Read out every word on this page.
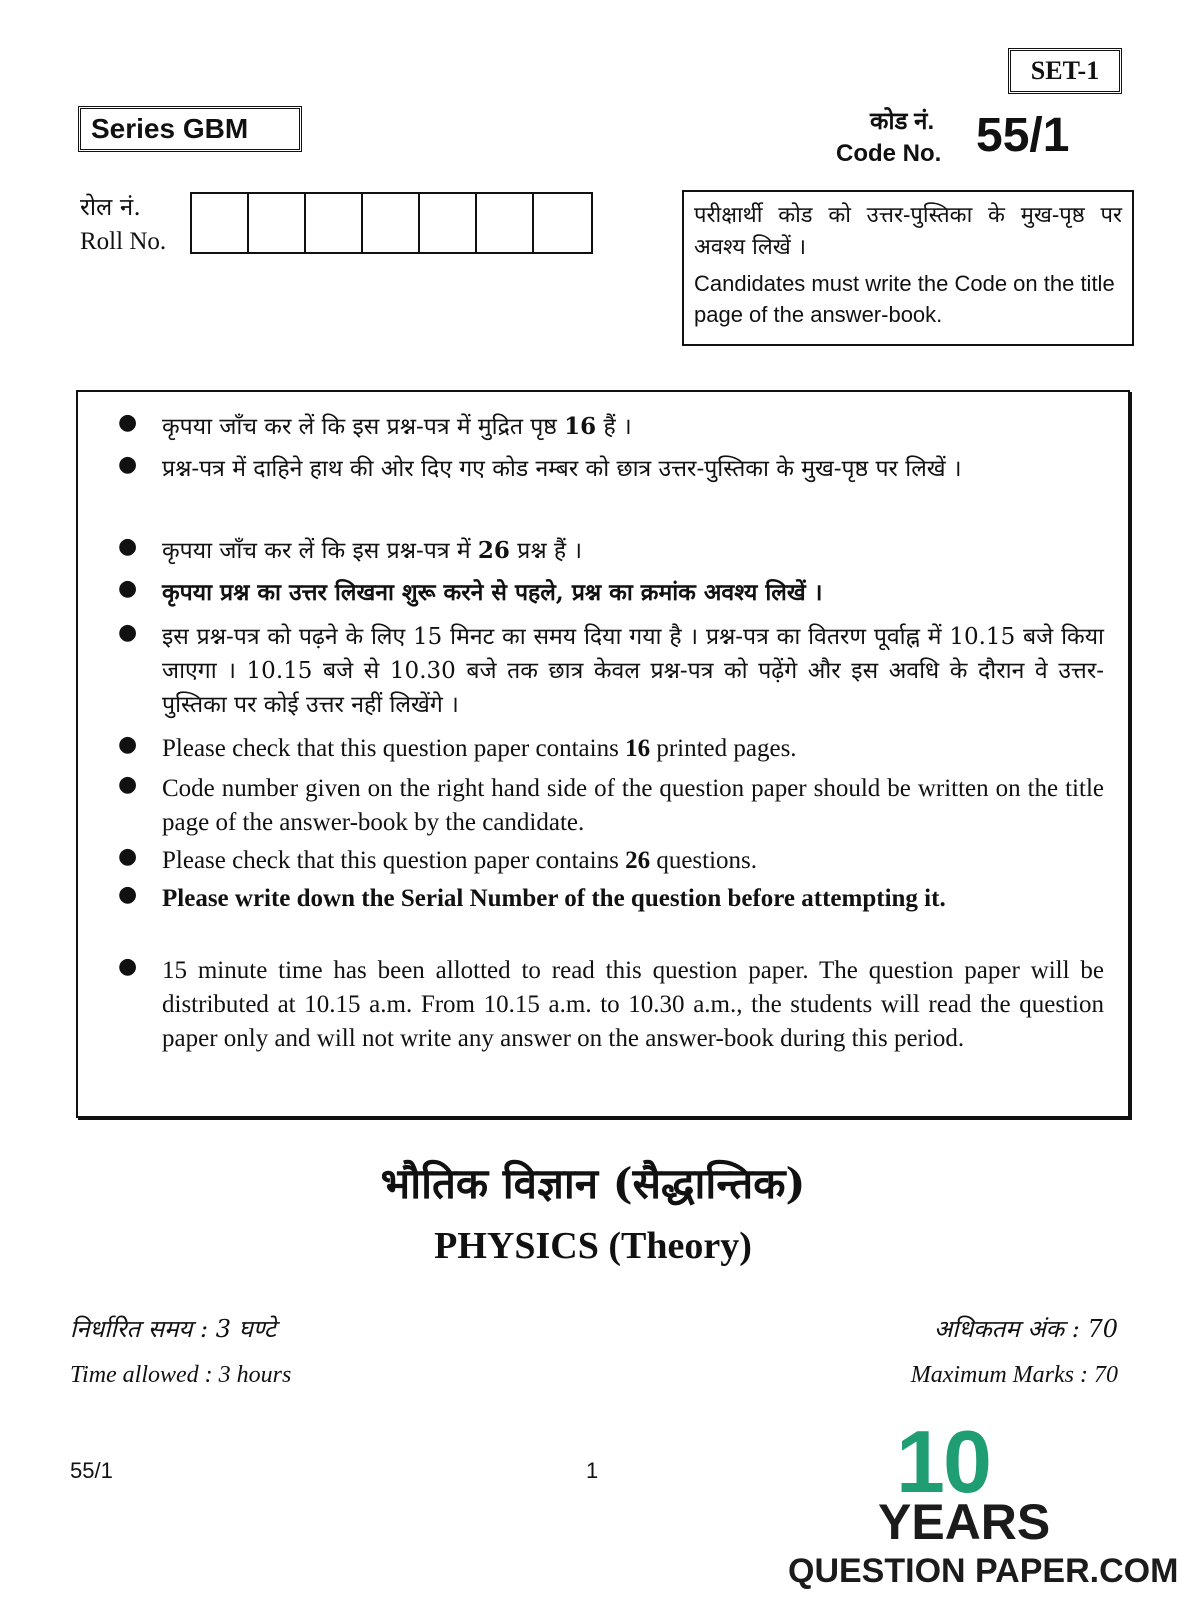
SET-1
Series GBM	कोड नं.
Code No. 55/1
रोल नं.
Roll No.
परीक्षार्थी कोड को उत्तर-पुस्तिका के मुख-पृष्ठ पर अवश्य लिखें ।
Candidates must write the Code on the title page of the answer-book.
● कृपया जाँच कर लें कि इस प्रश्न-पत्र में मुद्रित पृष्ठ 16 हैं ।
● प्रश्न-पत्र में दाहिने हाथ की ओर दिए गए कोड नम्बर को छात्र उत्तर-पुस्तिका के मुख-पृष्ठ पर लिखें ।
● कृपया जाँच कर लें कि इस प्रश्न-पत्र में 26 प्रश्न हैं ।
● कृपया प्रश्न का उत्तर लिखना शुरू करने से पहले, प्रश्न का क्रमांक अवश्य लिखें ।
● इस प्रश्न-पत्र को पढ़ने के लिए 15 मिनट का समय दिया गया है । प्रश्न-पत्र का वितरण पूर्वाह्न में 10.15 बजे किया जाएगा । 10.15 बजे से 10.30 बजे तक छात्र केवल प्रश्न-पत्र को पढ़ेंगे और इस अवधि के दौरान वे उत्तर-पुस्तिका पर कोई उत्तर नहीं लिखेंगे ।
● Please check that this question paper contains 16 printed pages.
● Code number given on the right hand side of the question paper should be written on the title page of the answer-book by the candidate.
● Please check that this question paper contains 26 questions.
● Please write down the Serial Number of the question before attempting it.
● 15 minute time has been allotted to read this question paper. The question paper will be distributed at 10.15 a.m. From 10.15 a.m. to 10.30 a.m., the students will read the question paper only and will not write any answer on the answer-book during this period.
भौतिक विज्ञान (सैद्धान्तिक)
PHYSICS (Theory)
निर्धारित समय : 3 घण्टे
Time allowed : 3 hours
अधिकतम अंक : 70
Maximum Marks : 70
55/1	1	10
YEARS
QUESTION PAPER.COM
